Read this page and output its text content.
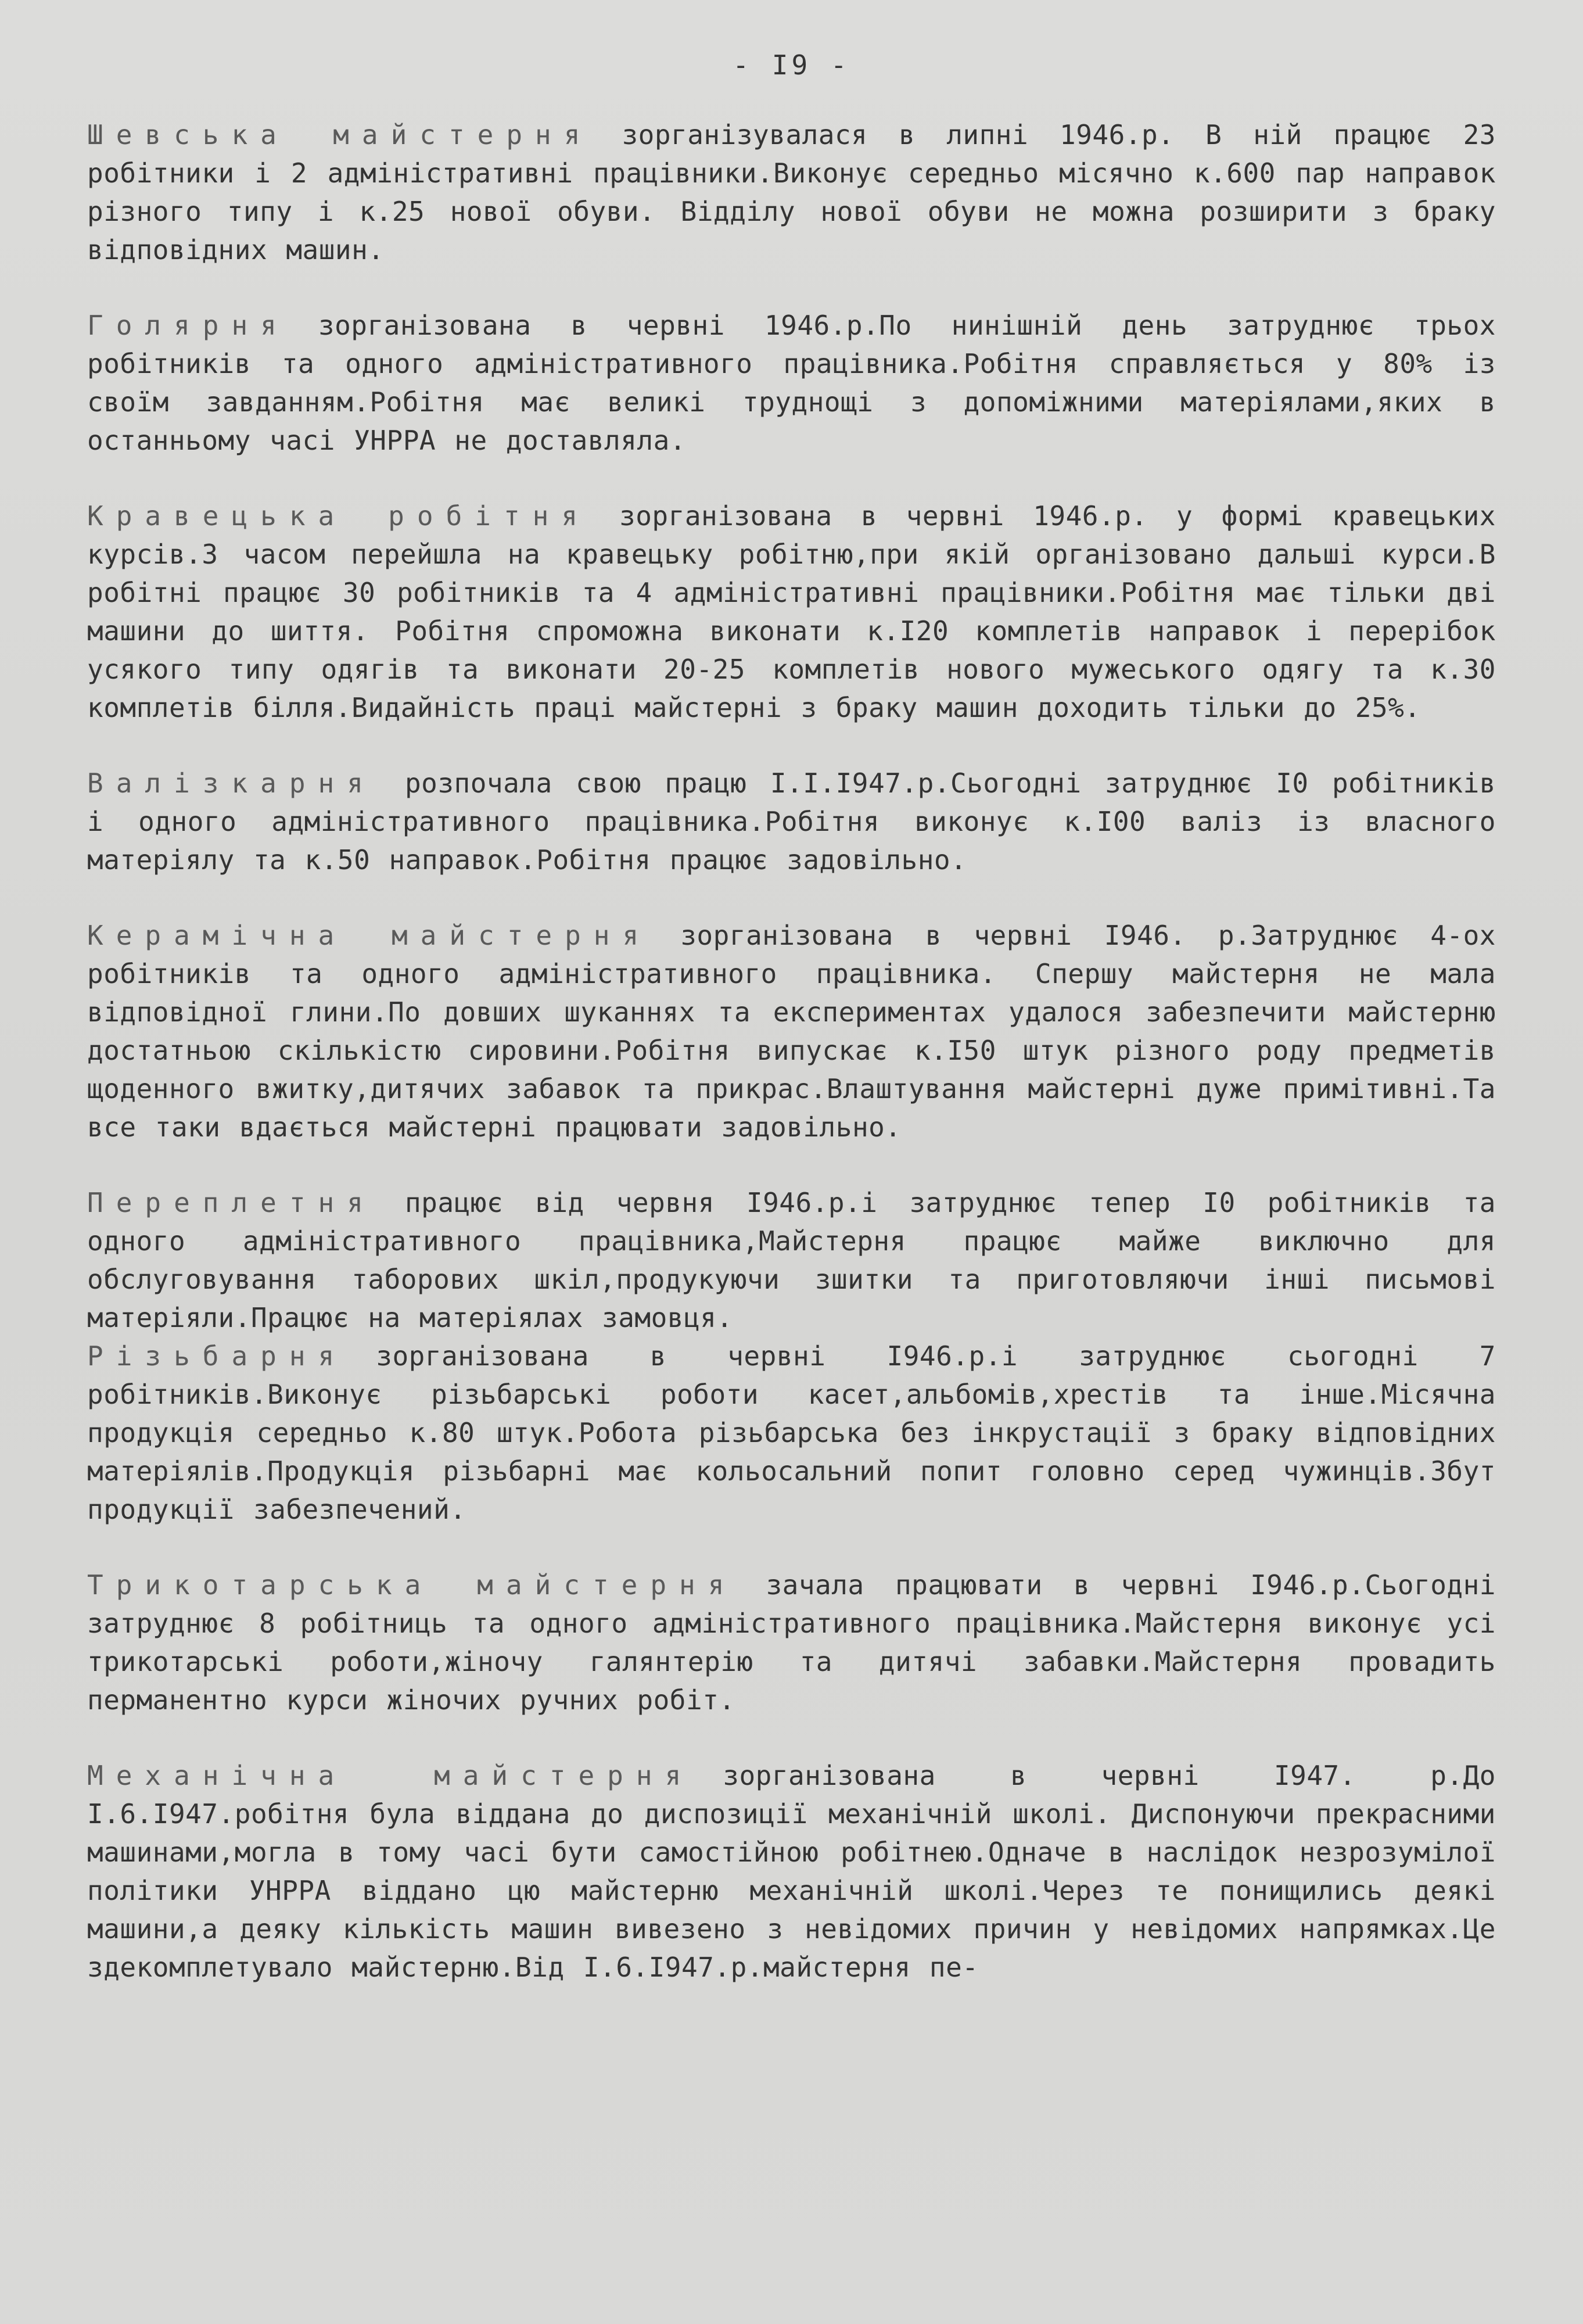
- I9 -

Шевська майстерня зорганізувалася в липні 1946.р. В ній працює 23 робітники і 2 адміністративні працівники.Виконує середньо місячно к.600 пар направок різного типу і к.25 нової обуви. Відділу нової обуви не можна розширити з браку відповідних машин.

Голярня зорганізована в червні 1946.р.По нинішній день затруднює трьох робітників та одного адміністративного працівника.Робітня справляється у 80% із своїм завданням.Робітня має великі труднощі з допоміжними матеріялами,яких в останньому часі УНРРА не доставляла.

Кравецька робітня зорганізована в червні 1946.р. у формі кравецьких курсів.З часом перейшла на кравецьку робітню,при якій організовано дальші курси.В робітні працює 30 робітників та 4 адміністративні працівники.Робітня має тільки дві машини до шиття. Робітня спроможна виконати к.I20 комплетів направок і перерібок усякого типу одягів та виконати 20-25 комплетів нового мужеського одягу та к.30 комплетів білля.Видайність праці майстерні з браку машин доходить тільки до 25%.

Валізкарня розпочала свою працю I.I.I947.р.Сьогодні затруднює I0 робітників і одного адміністративного працівника.Робітня виконує к.I00 валіз із власного матеріялу та к.50 направок.Робітня працює задовільно.

Керамічна майстерня зорганізована в червні I946. р.Затруднює 4-ох робітників та одного адміністративного працівника. Спершу майстерня не мала відповідної глини.По довших шуканнях та експериментах удалося забезпечити майстерню достатньою скількістю сировини.Робітня випускає к.I50 штук різного роду предметів щоденного вжитку,дитячих забавок та прикрас.Влаштування майстерні дуже примітивні.Та все таки вдається майстерні працювати задовільно.

Переплетня працює від червня I946.р.і затруднює тепер I0 робітників та одного адміністративного працівника,Майстерня працює майже виключно для обслуговування таборових шкіл,продукуючи зшитки та приготовляючи інші письмові матеріяли.Працює на матеріялах замовця.

Різьбарня зорганізована в червні I946.р.і затруднює сьогодні 7 робітників.Виконує різьбарські роботи касет,альбомів,хрестів та інше.Місячна продукція середньо к.80 штук.Робота різьбарська без інкрустації з браку відповідних матеріялів.Продукція різьбарні має кольосальний попит головно серед чужинців.Збут продукції забезпечений.

Трикотарська майстерня зачала працювати в червні I946.р.Сьогодні затруднює 8 робітниць та одного адміністративного працівника.Майстерня виконує усі трикотарські роботи,жіночу галянтерію та дитячі забавки.Майстерня провадить перманентно курси жіночих ручних робіт.

Механічна майстерня зорганізована в червні I947. р.До I.6.I947.робітня була віддана до диспозиції механічній школі. Диспонуючи прекрасними машинами,могла в тому часі бути самостійною робітнею.Одначе в наслідок незрозумілої політики УНРРА віддано цю майстерню механічній школі.Через те понищились деякі машини,а деяку кількість машин вивезено з невідомих причин у невідомих напрямках.Це здекомплетувало майстерню.Від I.6.I947.р.майстерня пе-
